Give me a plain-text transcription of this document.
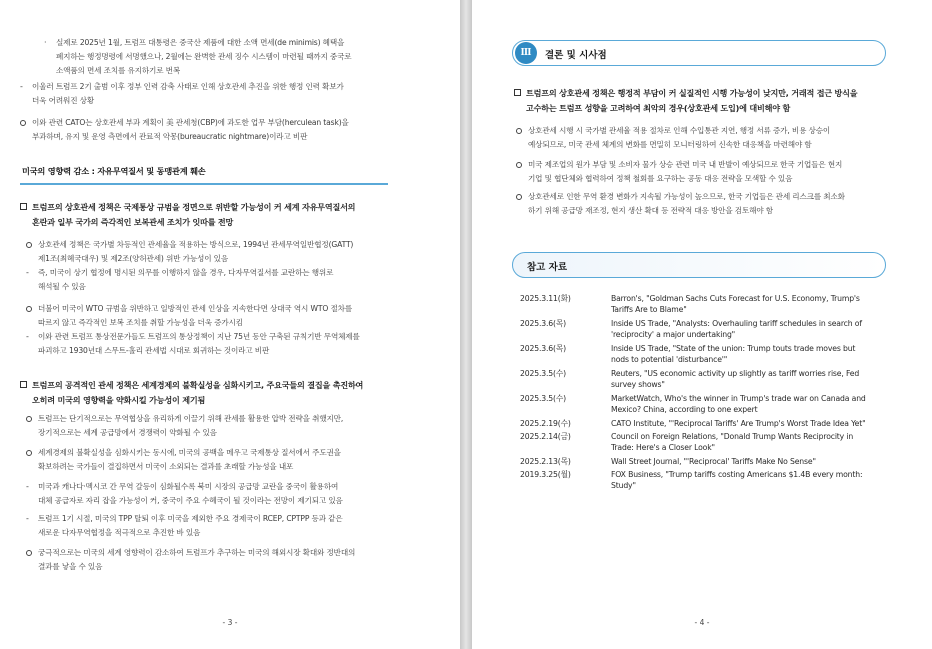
· 실제로 2025년 1월, 트럼프 대통령은 중국산 제품에 대한 소액 면세(de minimis) 혜택을
폐지하는 행정명령에 서명했으나, 2월에는 완벽한 관세 징수 시스템이 마련될 때까지 중국로
소액품의 면세 조치를 유지하기로 번복
- 이울러 트럼프 2기 출범 이후 정부 인력 감축 사태로 인해 상호관세 추진을 위한 행정 인력 확보가
더욱 어려워진 상황
이와 관련 CATO는 상호관세 부과 계획이 美 관세청(CBP)에 과도한 업무 부담(herculean task)을
부과하며, 유지 및 운영 측면에서 관료적 악몽(bureaucratic nightmare)이라고 비판
트럼프의 상호관세 정책은 국제통상 규범을 정면으로 위반할 가능성이 커 세계 자유무역질서의
혼란과 일부 국가의 즉각적인 보복관세 조치가 잇따를 전망
상호관세 정책은 국가별 차등적인 관세율을 적용하는 방식으로, 1994년 관세무역일반협정(GATT)
제1조(최혜국대우) 및 제2조(양허관세) 위반 가능성이 있음
- 즉, 미국이 상기 협정에 명시된 의무를 이행하지 않을 경우, 다자무역질서를 교란하는 행위로
해석될 수 있음
더불어 미국이 WTO 규범을 위반하고 일방적인 관세 인상을 지속한다면 상대국 역시 WTO 절차를
따르지 않고 즉각적인 보복 조치를 취할 가능성을 더욱 증가시킴
- 이와 관련 트럼프 통상전문가들도 트럼프의 통상정책이 지난 75년 동안 구축된 규칙기반 무역체제를
파괴하고 1930년대 스무트-홀리 관세법 시대로 회귀하는 것이라고 비판
트럼프의 공격적인 관세 정책은 세계경제의 불확실성을 심화시키고, 주요국들의 결집을 촉진하여
오히려 미국의 영향력을 약화시킬 가능성이 제기됨
트럼프는 단기적으로는 무역협상을 유리하게 이끌기 위해 관세를 활용한 압박 전략을 취했지만,
장기적으로는 세계 공급망에서 경쟁력이 약화될 수 있음
세계경제의 불확실성을 심화시키는 동시에, 미국의 공백을 메우고 국제통상 질서에서 주도권을
확보하려는 국가들이 결집하면서 미국이 소외되는 결과를 초래할 가능성을 내포
- 미국과 캐나다·멕시코 간 무역 갈등이 심화될수록 북미 시장의 공급망 교란을 중국이 활용하여
대체 공급자로 자리 잡을 가능성이 커, 중국이 주요 수혜국이 될 것이라는 전망이 제기되고 있음
- 트럼프 1기 시절, 미국의 TPP 탈퇴 이후 미국을 제외한 주요 경제국이 RCEP, CPTPP 등과 같은
새로운 다자무역협정을 적극적으로 추진한 바 있음
궁극적으로는 미국의 세계 영향력이 감소하여 트럼프가 추구하는 미국의 해외시장 확대와 정반대의
결과를 낳을 수 있음
미국의 영향력 감소 : 자유무역질서 및 동맹관계 훼손
- 3 -
Ⅲ	결론 및 시사점
트럼프의 상호관세 정책은 행정적 부담이 커 실질적인 시행 가능성이 낮지만, 거래적 접근 방식을
고수하는 트럼프 성향을 고려하여 최악의 경우(상호관세 도입)에 대비해야 함
상호관세 시행 시 국가별 관세율 적용 절차로 인해 수입통관 지연, 행정 서류 증가, 비용 상승이
예상되므로, 미국 관세 체계의 변화를 면밀히 모니터링하여 신속한 대응책을 마련해야 함
미국 제조업의 원가 부담 및 소비자 물가 상승 관련 미국 내 반발이 예상되므로 한국 기업들은 현지
기업 및 협단체와 협력하여 정책 철회를 요구하는 공동 대응 전략을 모색할 수 있음
상호관세로 인한 무역 환경 변화가 지속될 가능성이 높으므로, 한국 기업들은 관세 리스크를 최소화
하기 위해 공급망 재조정, 현지 생산 확대 등 전략적 대응 방안을 검토해야 함
참고 자료
2025.3.11(화)	Barron's, "Goldman Sachs Cuts Forecast for U.S. Economy, Trump's
Tariffs Are to Blame"
2025.3.6(목)	Inside US Trade, "Analysts: Overhauling tariff schedules in search of
'reciprocity' a major undertaking"
2025.3.6(목)	Inside US Trade, "State of the union: Trump touts trade moves but
nods to potential 'disturbance'"
2025.3.5(수)	Reuters, "US economic activity up slightly as tariff worries rise, Fed
survey shows"
2025.3.5(수)	MarketWatch, Who's the winner in Trump's trade war on Canada and
Mexico? China, according to one expert
2025.2.19(수)	CATO Institute, "'Reciprocal Tariffs' Are Trump's Worst Trade Idea Yet"
2025.2.14(금)	Council on Foreign Relations, "Donald Trump Wants Reciprocity in
Trade: Here's a Closer Look"
2025.2.13(목)	Wall Street Journal, "'Reciprocal' Tariffs Make No Sense"
2019.3.25(월)	FOX Business, "Trump tariffs costing Americans $1.4B every month: Study"
- 4 -
